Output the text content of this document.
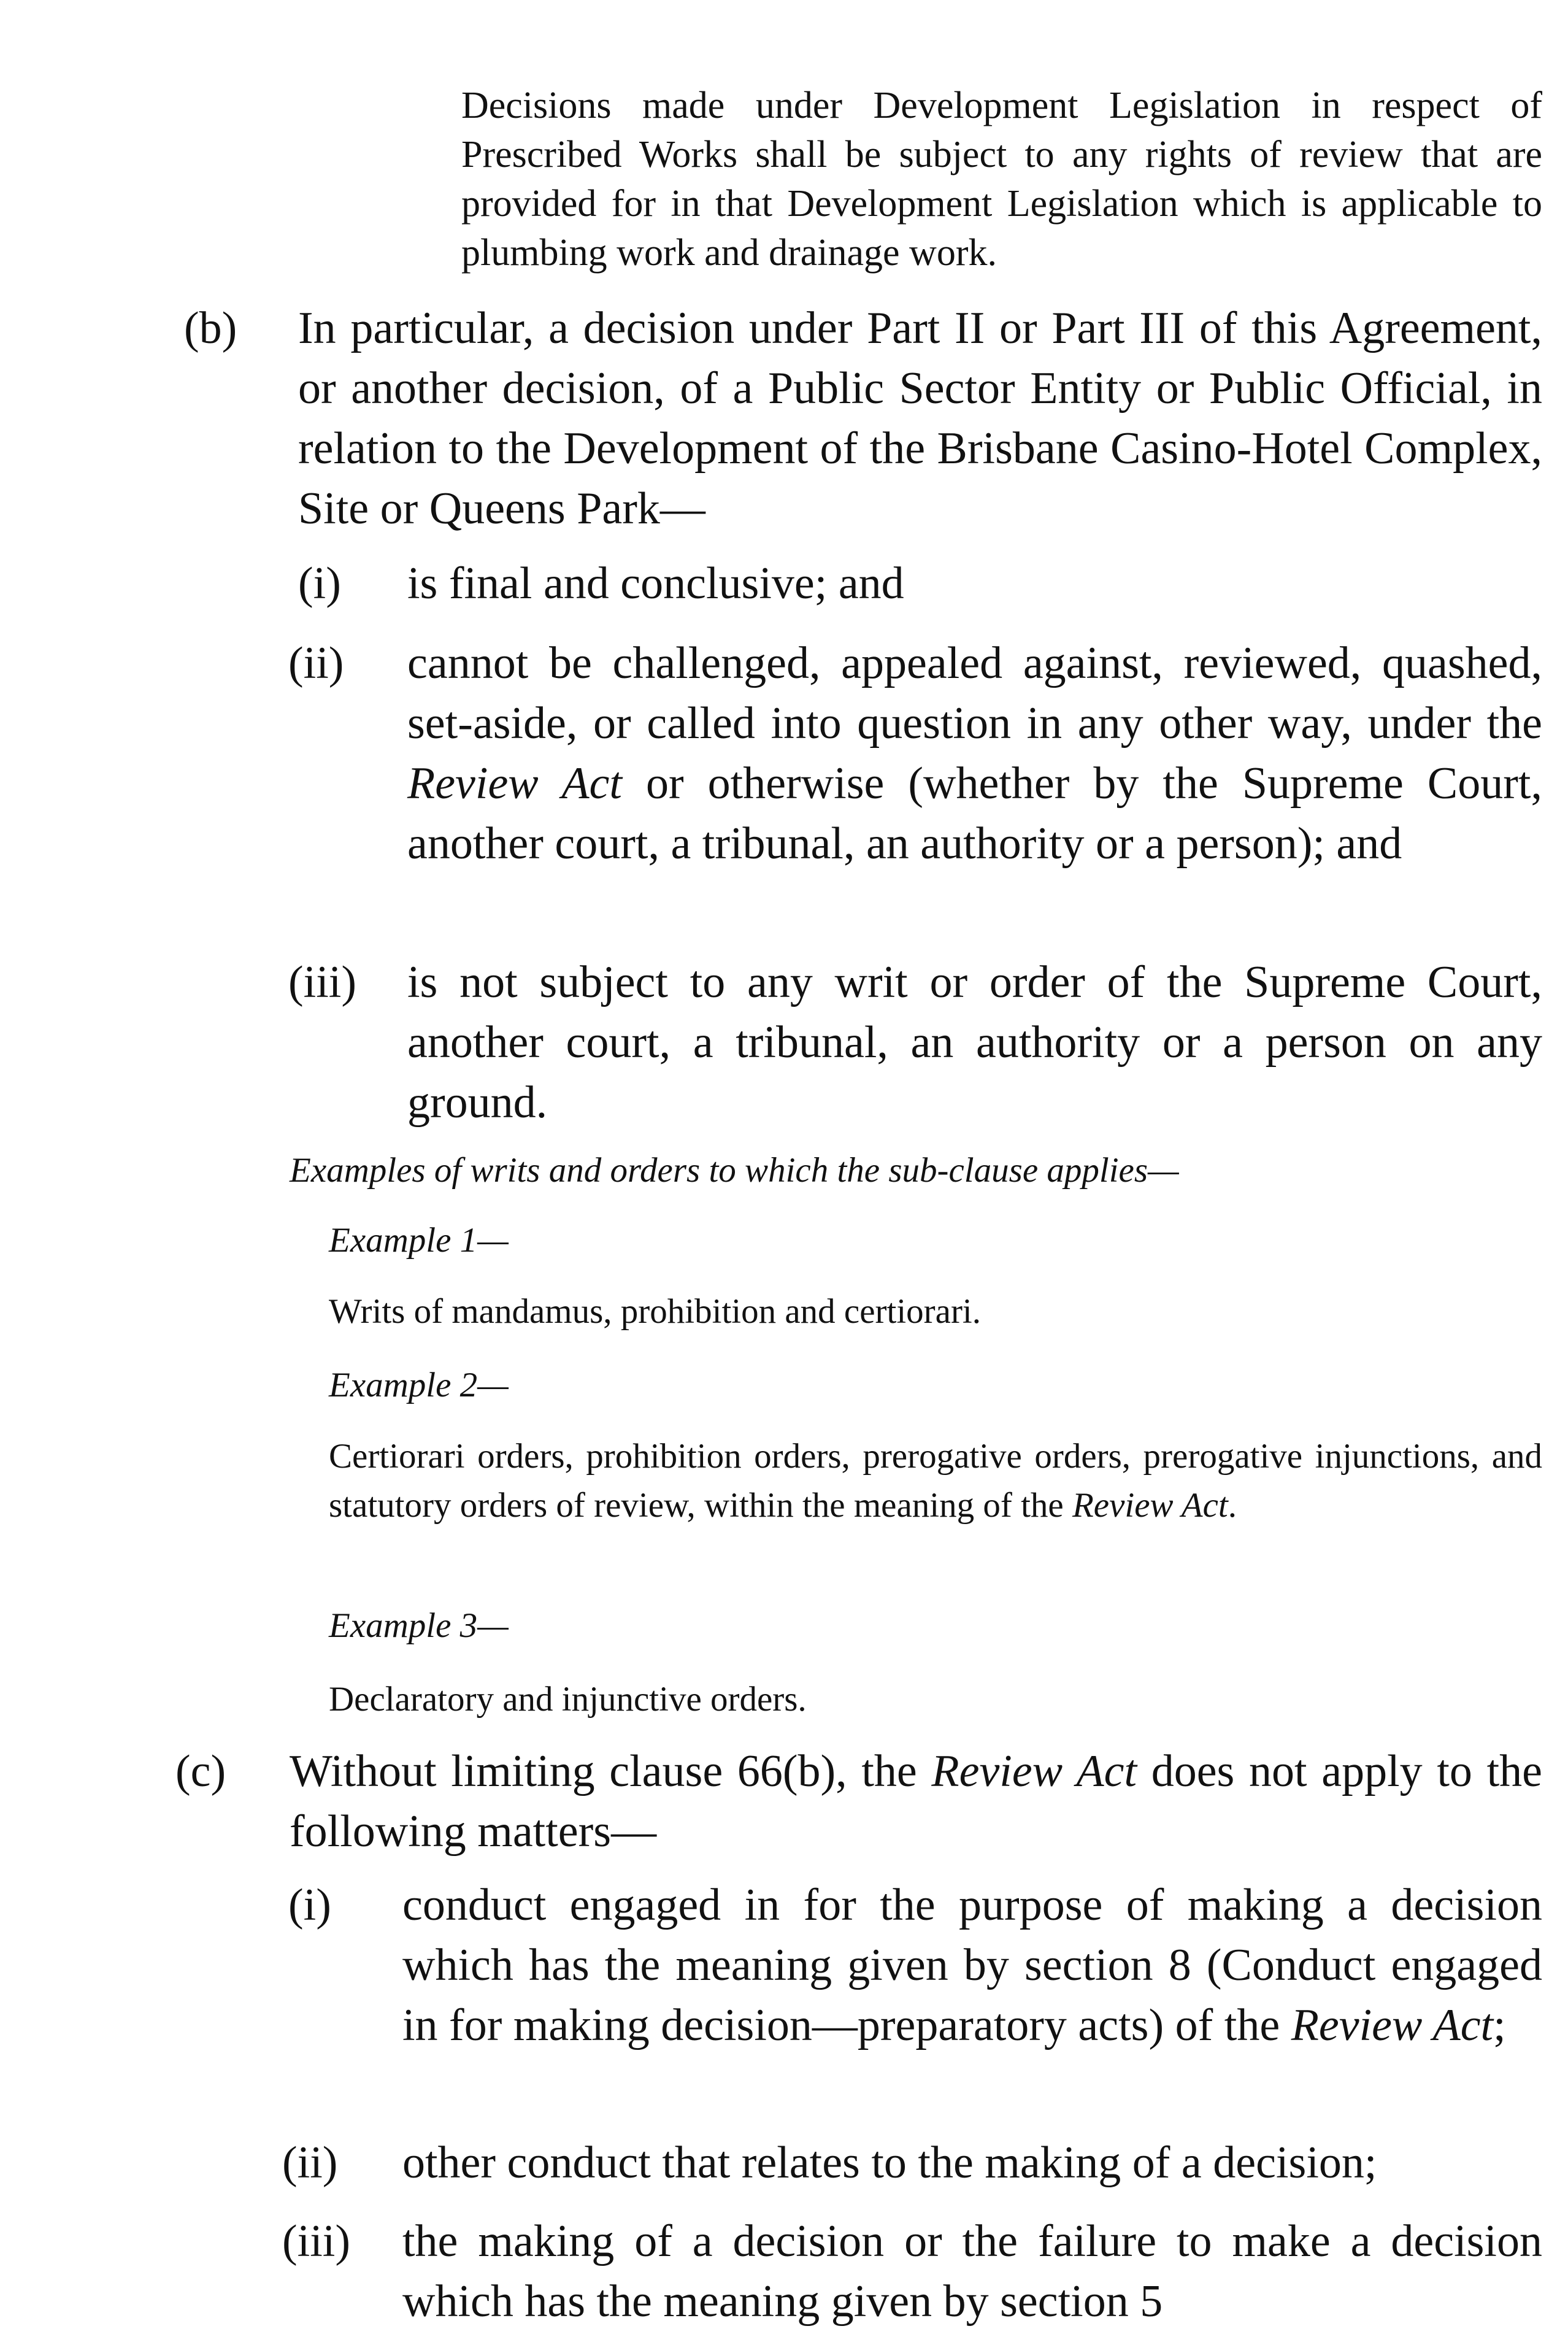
Decisions made under Development Legislation in respect of Prescribed Works shall be subject to any rights of review that are provided for in that Development Legislation which is applicable to plumbing work and drainage work.
(b) In particular, a decision under Part II or Part III of this Agreement, or another decision, of a Public Sector Entity or Public Official, in relation to the Development of the Brisbane Casino-Hotel Complex, Site or Queens Park—
(i) is final and conclusive; and
(ii) cannot be challenged, appealed against, reviewed, quashed, set-aside, or called into question in any other way, under the Review Act or otherwise (whether by the Supreme Court, another court, a tribunal, an authority or a person); and
(iii) is not subject to any writ or order of the Supreme Court, another court, a tribunal, an authority or a person on any ground.
Examples of writs and orders to which the sub-clause applies—
Example 1—
Writs of mandamus, prohibition and certiorari.
Example 2—
Certiorari orders, prohibition orders, prerogative orders, prerogative injunctions, and statutory orders of review, within the meaning of the Review Act.
Example 3—
Declaratory and injunctive orders.
(c) Without limiting clause 66(b), the Review Act does not apply to the following matters—
(i) conduct engaged in for the purpose of making a decision which has the meaning given by section 8 (Conduct engaged in for making decision—preparatory acts) of the Review Act;
(ii) other conduct that relates to the making of a decision;
(iii) the making of a decision or the failure to make a decision which has the meaning given by section 5
